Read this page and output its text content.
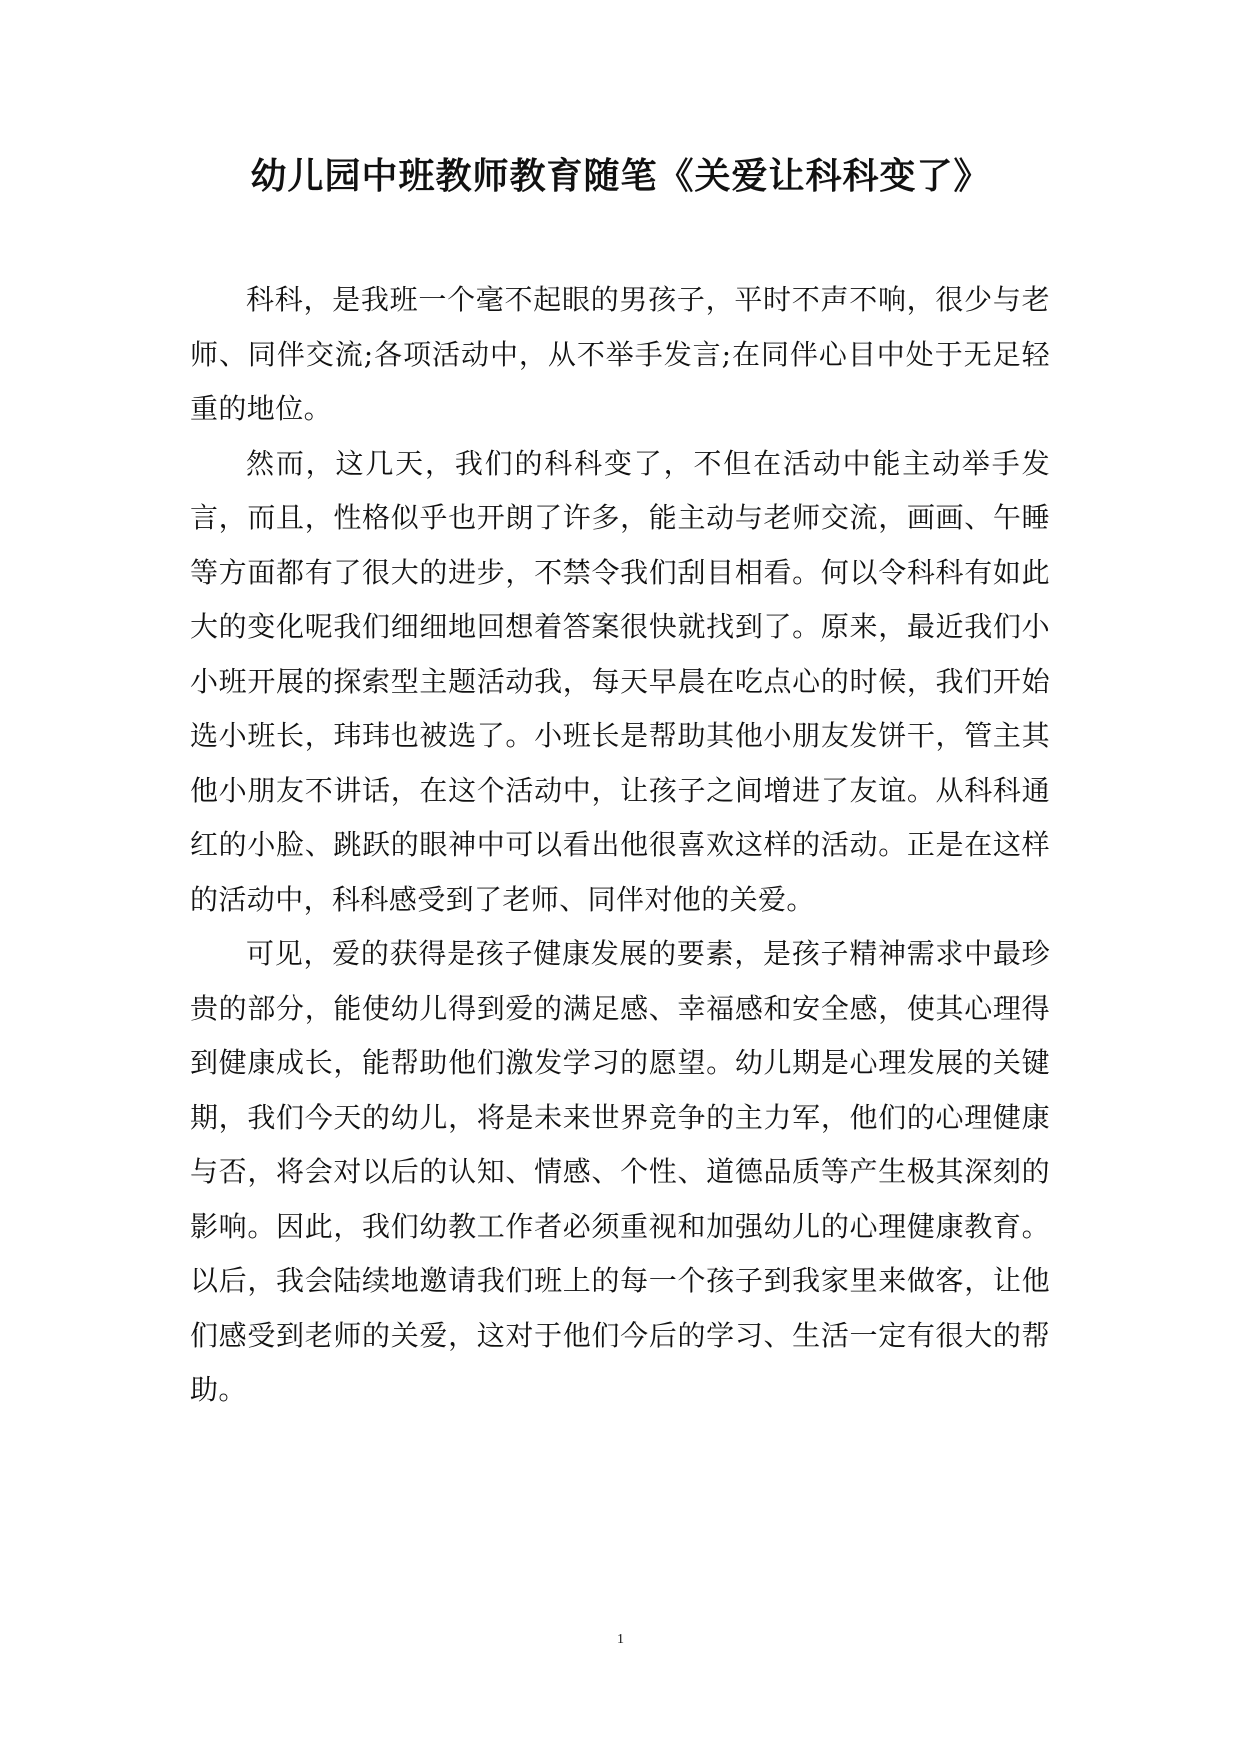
幼儿园中班教师教育随笔《关爱让科科变了》

科科，是我班一个毫不起眼的男孩子，平时不声不响，很少与老师、同伴交流;各项活动中，从不举手发言;在同伴心目中处于无足轻重的地位。

然而，这几天，我们的科科变了，不但在活动中能主动举手发言，而且，性格似乎也开朗了许多，能主动与老师交流，画画、午睡等方面都有了很大的进步，不禁令我们刮目相看。何以令科科有如此大的变化呢我们细细地回想着答案很快就找到了。原来，最近我们小小班开展的探索型主题活动我，每天早晨在吃点心的时候，我们开始选小班长，玮玮也被选了。小班长是帮助其他小朋友发饼干，管主其他小朋友不讲话，在这个活动中，让孩子之间增进了友谊。从科科通红的小脸、跳跃的眼神中可以看出他很喜欢这样的活动。正是在这样的活动中，科科感受到了老师、同伴对他的关爱。

可见，爱的获得是孩子健康发展的要素，是孩子精神需求中最珍贵的部分，能使幼儿得到爱的满足感、幸福感和安全感，使其心理得到健康成长，能帮助他们激发学习的愿望。幼儿期是心理发展的关键期，我们今天的幼儿，将是未来世界竞争的主力军，他们的心理健康与否，将会对以后的认知、情感、个性、道德品质等产生极其深刻的影响。因此，我们幼教工作者必须重视和加强幼儿的心理健康教育。以后，我会陆续地邀请我们班上的每一个孩子到我家里来做客，让他们感受到老师的关爱，这对于他们今后的学习、生活一定有很大的帮助。

1
